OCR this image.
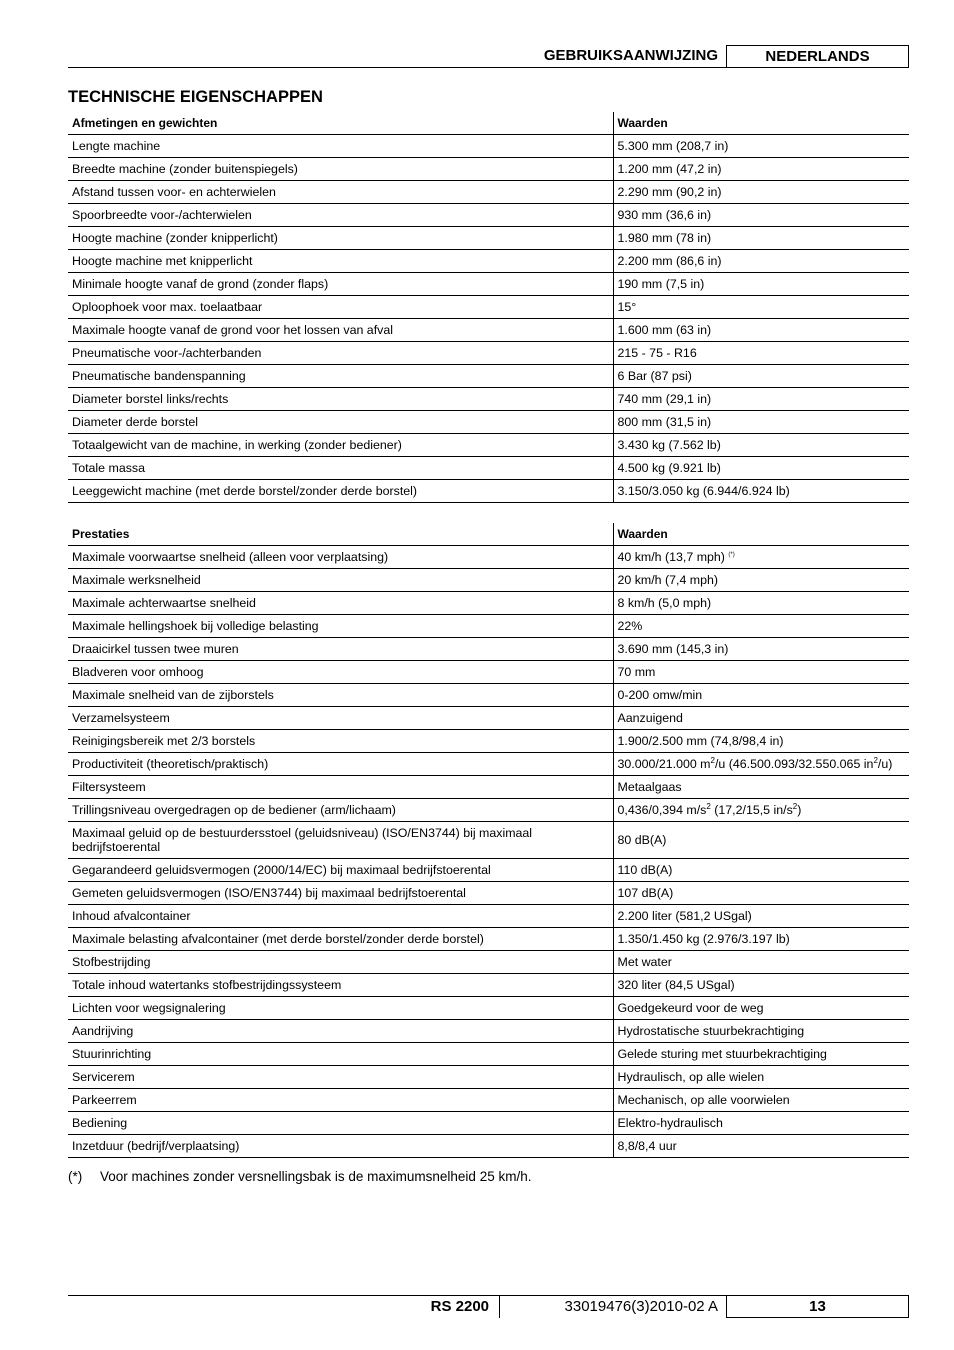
GEBRUIKSAANWIJZING	NEDERLANDS
TECHNISCHE EIGENSCHAPPEN
Afmetingen en gewichten	Waarden
Lengte machine	5.300 mm (208,7 in)
Breedte machine (zonder buitenspiegels)	1.200 mm (47,2 in)
Afstand tussen voor- en achterwielen	2.290 mm (90,2 in)
Spoorbreedte voor-/achterwielen	930 mm (36,6 in)
Hoogte machine (zonder knipperlicht)	1.980 mm (78 in)
Hoogte machine met knipperlicht	2.200 mm (86,6 in)
Minimale hoogte vanaf de grond (zonder flaps)	190 mm (7,5 in)
Oploophoek voor max. toelaatbaar	15°
Maximale hoogte vanaf de grond voor het lossen van afval	1.600 mm (63 in)
Pneumatische voor-/achterbanden	215 - 75 - R16
Pneumatische bandenspanning	6 Bar (87 psi)
Diameter borstel links/rechts	740 mm (29,1 in)
Diameter derde borstel	800 mm (31,5 in)
Totaalgewicht van de machine, in werking (zonder bediener)	3.430 kg (7.562 lb)
Totale massa	4.500 kg (9.921 lb)
Leeggewicht machine (met derde borstel/zonder derde borstel)	3.150/3.050 kg (6.944/6.924 lb)
Prestaties	Waarden
Maximale voorwaartse snelheid (alleen voor verplaatsing)	40 km/h (13,7 mph) (*)
Maximale werksnelheid	20 km/h (7,4 mph)
Maximale achterwaartse snelheid	8 km/h (5,0 mph)
Maximale hellingshoek bij volledige belasting	22%
Draaicirkel tussen twee muren	3.690 mm (145,3 in)
Bladveren voor omhoog	70 mm
Maximale snelheid van de zijborstels	0-200 omw/min
Verzamelsysteem	Aanzuigend
Reinigingsbereik met 2/3 borstels	1.900/2.500 mm (74,8/98,4 in)
Productiviteit (theoretisch/praktisch)	30.000/21.000 $m^2/u$ (46.500.093/32.550.065 $in^2/u$)
Filtersysteem	Metaalgaas
Trillingsniveau overgedragen op de bediener (arm/lichaam)	0,436/0,394 $m/s^2$ (17,2/15,5 $in/s^2$)
Maximaal geluid op de bestuurdersstoel (geluidsniveau) (ISO/EN3744) bij maximaal bedrijfstoerental	80 dB(A)
Gegarandeerd geluidsvermogen (2000/14/EC) bij maximaal bedrijfstoerental	110 dB(A)
Gemeten geluidsvermogen (ISO/EN3744) bij maximaal bedrijfstoerental	107 dB(A)
Inhoud afvalcontainer	2.200 liter (581,2 USgal)
Maximale belasting afvalcontainer (met derde borstel/zonder derde borstel)	1.350/1.450 kg (2.976/3.197 lb)
Stofbestrijding	Met water
Totale inhoud watertanks stofbestrijdingssysteem	320 liter (84,5 USgal)
Lichten voor wegsignalering	Goedgekeurd voor de weg
Aandrijving	Hydrostatische stuurbekrachtiging
Stuurinrichting	Gelede sturing met stuurbekrachtiging
Servicerem	Hydraulisch, op alle wielen
Parkeerrem	Mechanisch, op alle voorwielen
Bediening	Elektro-hydraulisch
Inzetduur (bedrijf/verplaatsing)	8,8/8,4 uur
(*) Voor machines zonder versnellingsbak is de maximumsnelheid 25 km/h.
RS 2200	33019476(3)2010-02 A	13
